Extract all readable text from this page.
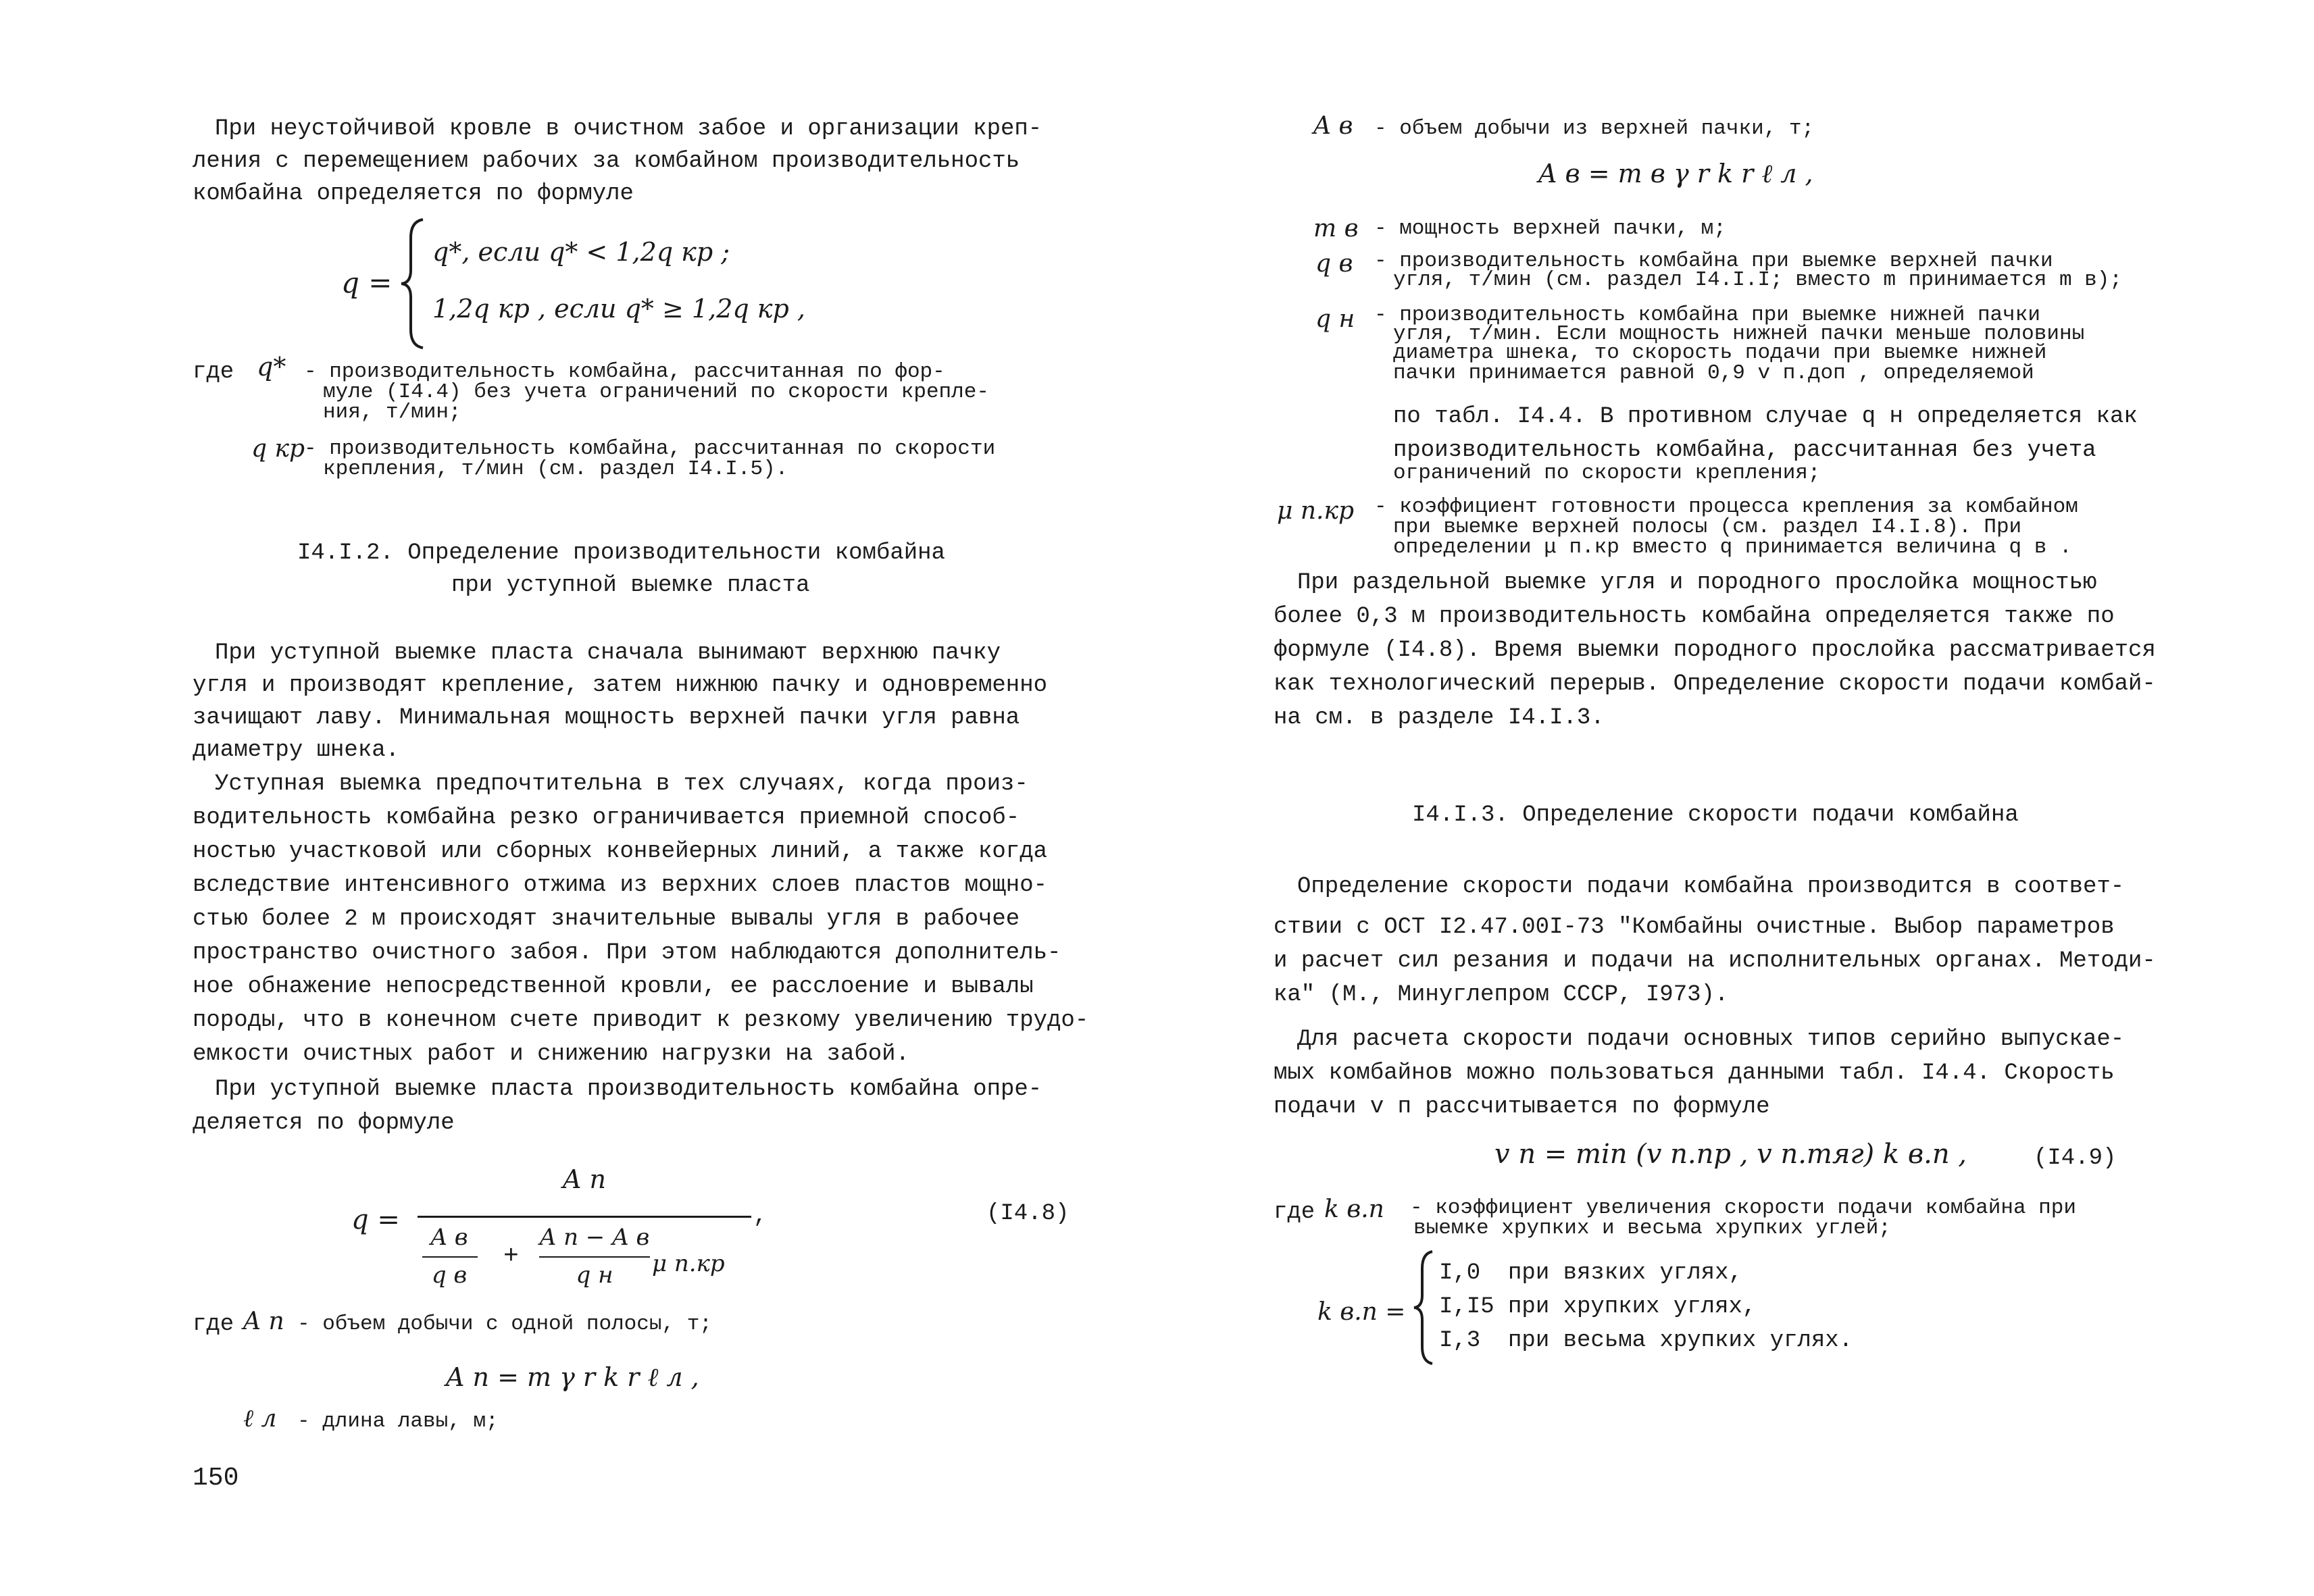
При неустойчивой кровле в очистном забое и организации креп-
ления с перемещением рабочих за комбайном производительность
комбайна определяется по формуле
q =
q*, если q* < 1,2q кр ;
1,2q кр , если q* ≥ 1,2q кр ,
где q* - производительность комбайна, рассчитанная по фор-
муле (I4.4) без учета ограничений по скорости крепле-
ния, т/мин;
q кр
- производительность комбайна, рассчитанная по скорости
крепления, т/мин (см. раздел I4.I.5).
I4.I.2. Определение производительности комбайна
при уступной выемке пласта
При уступной выемке пласта сначала вынимают верхнюю пачку
угля и производят крепление, затем нижнюю пачку и одновременно
зачищают лаву. Минимальная мощность верхней пачки угля равна
диаметру шнека.
Уступная выемка предпочтительна в тех случаях, когда произ-
водительность комбайна резко ограничивается приемной способ-
ностью участковой или сборных конвейерных линий, а также когда
вследствие интенсивного отжима из верхних слоев пластов мощно-
стью более 2 м происходят значительные вывалы угля в рабочее
пространство очистного забоя. При этом наблюдаются дополнитель-
ное обнажение непосредственной кровли, ее расслоение и вывалы
породы, что в конечном счете приводит к резкому увеличению трудо-
емкости очистных работ и снижению нагрузки на забой.
При уступной выемке пласта производительность комбайна опре-
деляется по формуле
q =
A п
,
A в
q в
+
A п − A в
q н	μ п.кр
(I4.8)
где A п - объем добычи с одной полосы, т;
A п = m γ r k r ℓ л ,
ℓ л - длина лавы, м;
150
A в - объем добычи из верхней пачки, т;
A в = m в γ r k r ℓ л ,
m в - мощность верхней пачки, м;
q в - производительность комбайна при выемке верхней пачки
угля, т/мин (см. раздел I4.I.I; вместо m принимается m в);
q н - производительность комбайна при выемке нижней пачки
угля, т/мин. Если мощность нижней пачки меньше половины
диаметра шнека, то скорость подачи при выемке нижней
пачки принимается равной 0,9 v п.доп , определяемой
по табл. I4.4. В противном случае q н определяется как
производительность комбайна, рассчитанная без учета
ограничений по скорости крепления;
μ п.кр - коэффициент готовности процесса крепления за комбайном
при выемке верхней полосы (см. раздел I4.I.8). При
определении μ п.кр вместо q принимается величина q в .
При раздельной выемке угля и породного прослойка мощностью
более 0,3 м производительность комбайна определяется также по
формуле (I4.8). Время выемки породного прослойка рассматривается
как технологический перерыв. Определение скорости подачи комбай-
на см. в разделе I4.I.3.
I4.I.3. Определение скорости подачи комбайна
Определение скорости подачи комбайна производится в соответ-
ствии с ОСТ I2.47.00I-73 "Комбайны очистные. Выбор параметров
и расчет сил резания и подачи на исполнительных органах. Методи-
ка" (М., Минуглепром СССР, I973).
Для расчета скорости подачи основных типов серийно выпускае-
мых комбайнов можно пользоваться данными табл. I4.4. Скорость
подачи v п рассчитывается по формуле
v п = min (v п.пр , v п.тяг) k в.п ,	(I4.9)
где k в.п - коэффициент увеличения скорости подачи комбайна при
выемке хрупких и весьма хрупких углей;
k в.п =
I,0  при вязких углях,
I,I5 при хрупких углях,
I,3  при весьма хрупких углях.
